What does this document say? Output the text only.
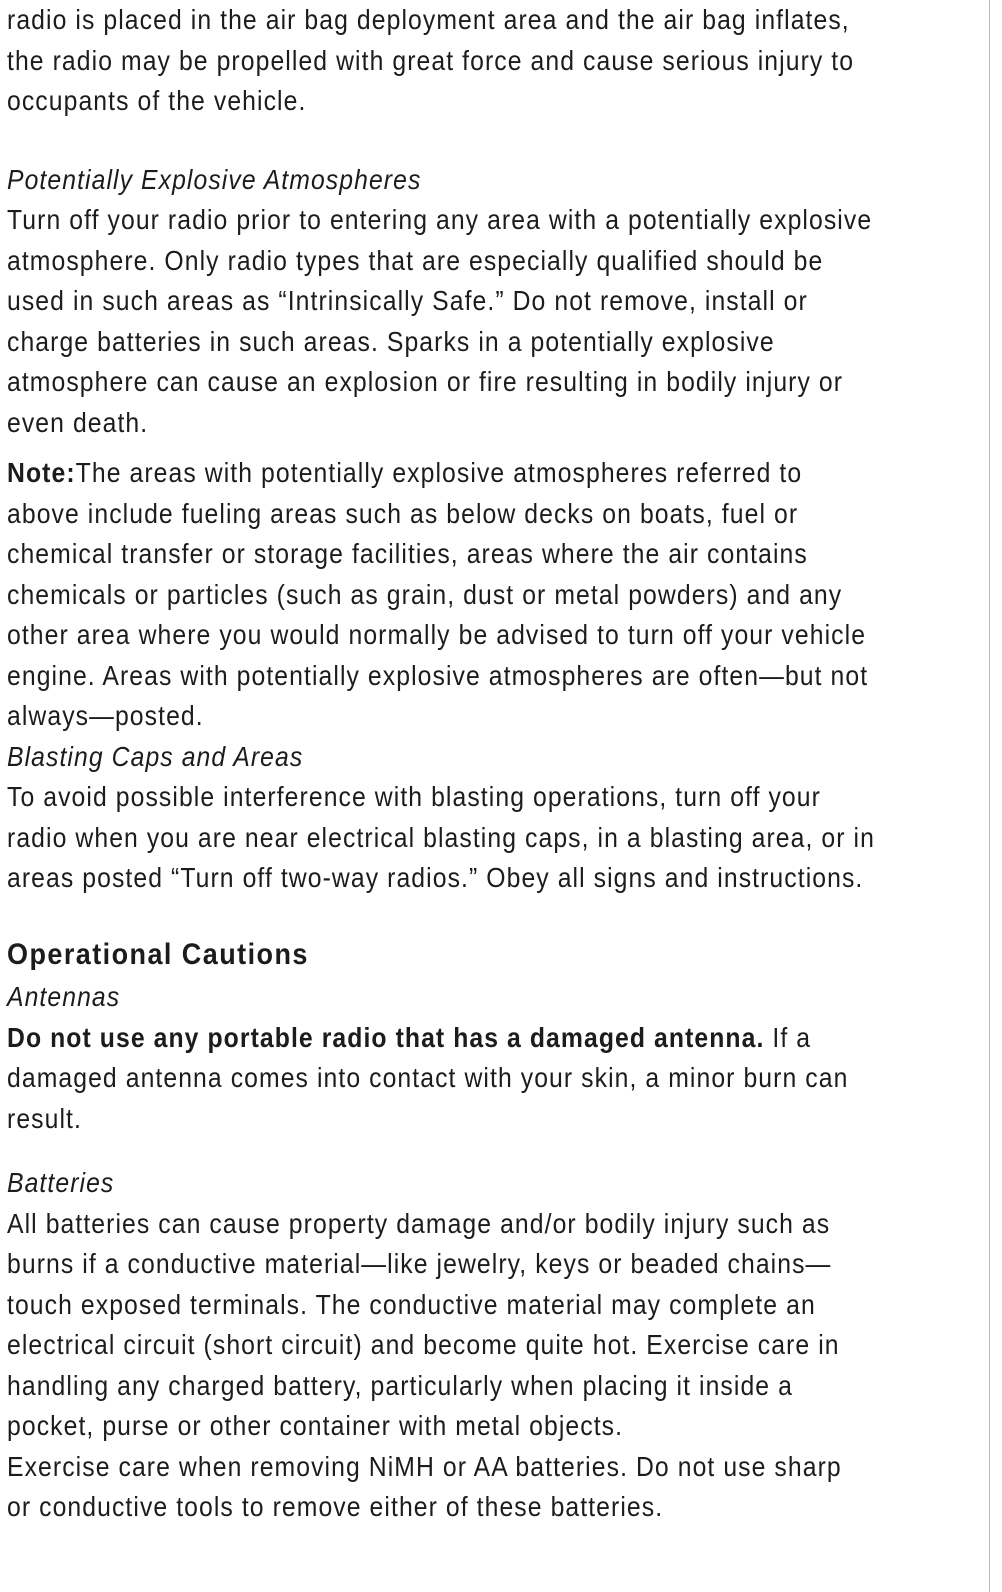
radio is placed in the air bag deployment area and the air bag inflates,
the radio may be propelled with great force and cause serious injury to
occupants of the vehicle.

Potentially Explosive Atmospheres

Turn off your radio prior to entering any area with a potentially explosive
atmosphere. Only radio types that are especially qualified should be
used in such areas as “Intrinsically Safe.” Do not remove, install or
charge batteries in such areas. Sparks in a potentially explosive
atmosphere can cause an explosion or fire resulting in bodily injury or
even death.

Note:The areas with potentially explosive atmospheres referred to
above include fueling areas such as below decks on boats, fuel or
chemical transfer or storage facilities, areas where the air contains
chemicals or particles (such as grain, dust or metal powders) and any
other area where you would normally be advised to turn off your vehicle
engine. Areas with potentially explosive atmospheres are often—but not
always—posted.

Blasting Caps and Areas

To avoid possible interference with blasting operations, turn off your
radio when you are near electrical blasting caps, in a blasting area, or in
areas posted “Turn off two-way radios.” Obey all signs and instructions.

Operational Cautions

Antennas

Do not use any portable radio that has a damaged antenna. If a
damaged antenna comes into contact with your skin, a minor burn can
result.

Batteries

All batteries can cause property damage and/or bodily injury such as
burns if a conductive material—like jewelry, keys or beaded chains—
touch exposed terminals. The conductive material may complete an
electrical circuit (short circuit) and become quite hot. Exercise care in
handling any charged battery, particularly when placing it inside a
pocket, purse or other container with metal objects.
Exercise care when removing NiMH or AA batteries. Do not use sharp
or conductive tools to remove either of these batteries.
